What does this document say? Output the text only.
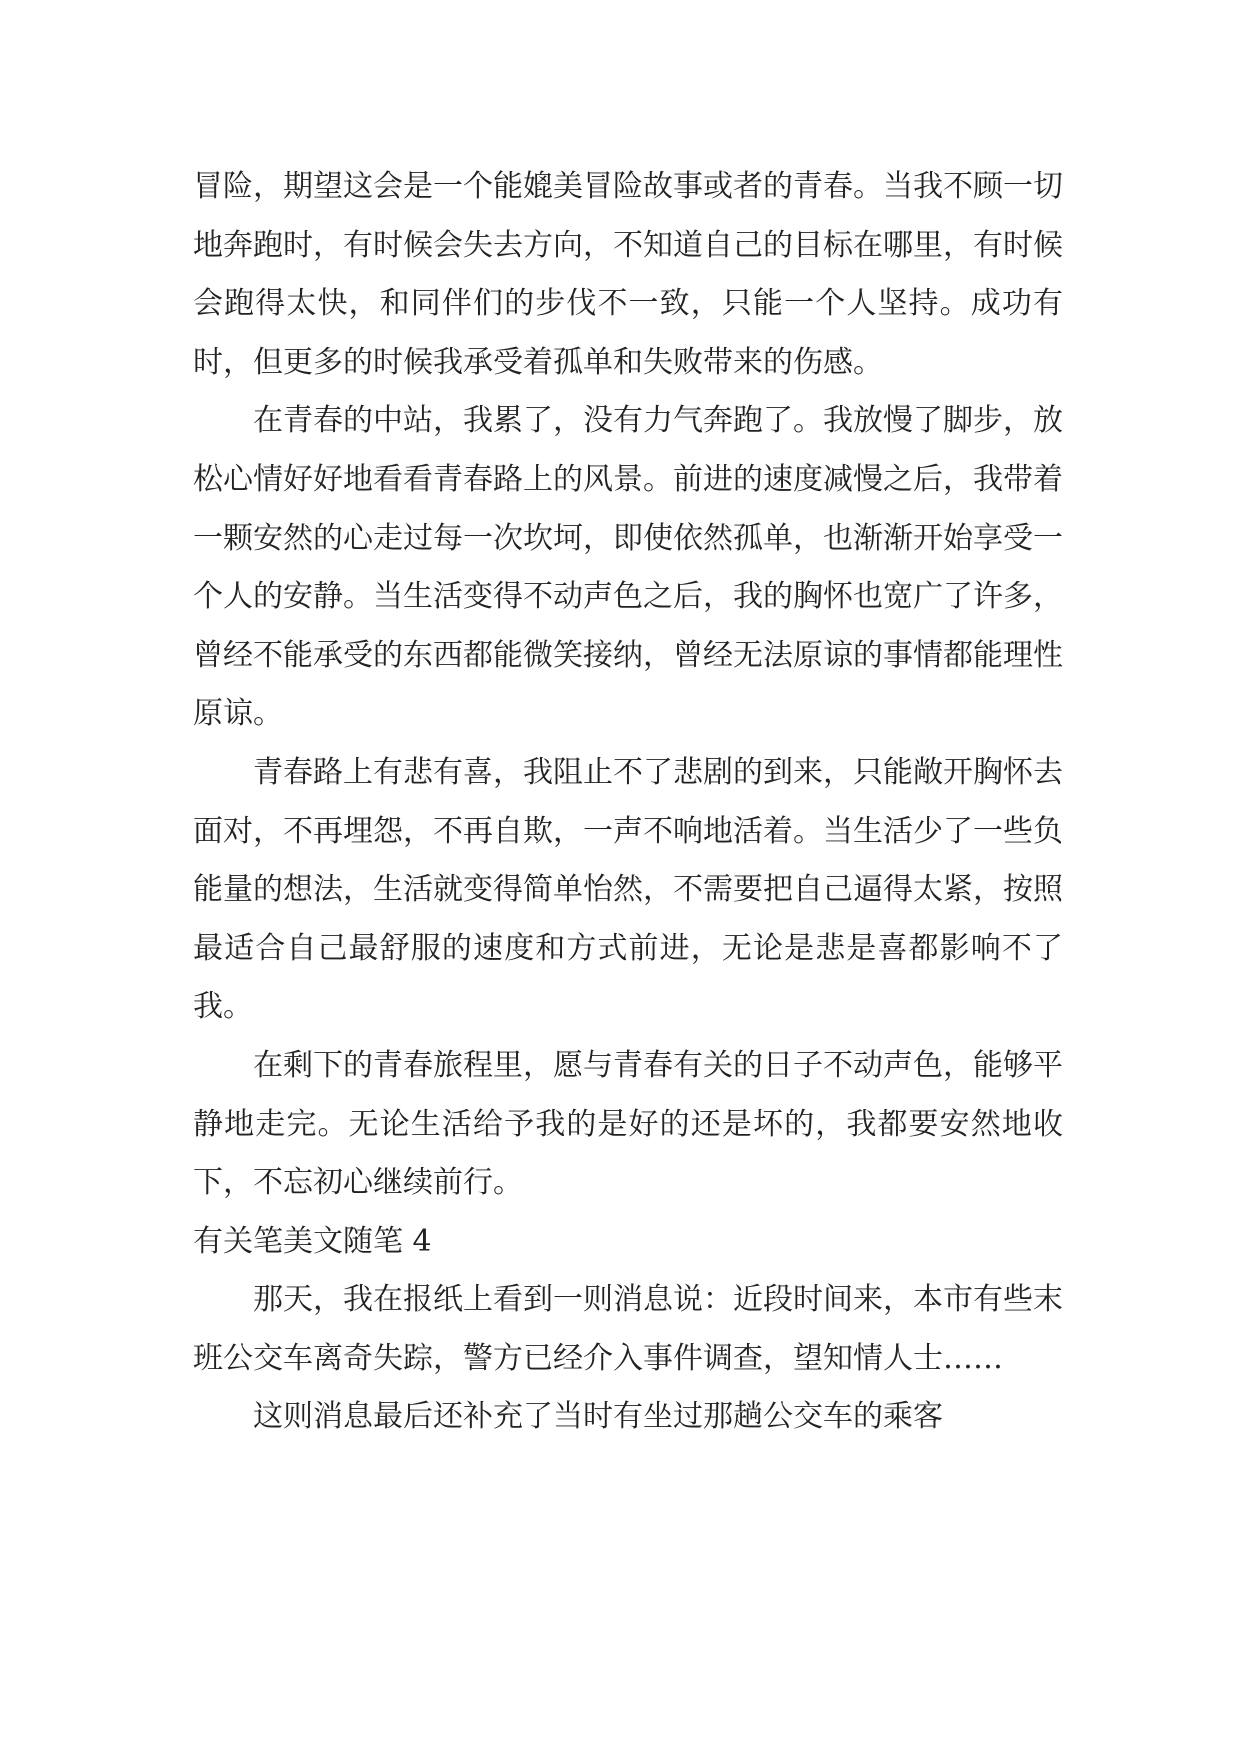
冒险，期望这会是一个能媲美冒险故事或者的青春。当我不顾一切地奔跑时，有时候会失去方向，不知道自己的目标在哪里，有时候会跑得太快，和同伴们的步伐不一致，只能一个人坚持。成功有时，但更多的时候我承受着孤单和失败带来的伤感。

在青春的中站，我累了，没有力气奔跑了。我放慢了脚步，放松心情好好地看看青春路上的风景。前进的速度减慢之后，我带着一颗安然的心走过每一次坎坷，即使依然孤单，也渐渐开始享受一个人的安静。当生活变得不动声色之后，我的胸怀也宽广了许多，曾经不能承受的东西都能微笑接纳，曾经无法原谅的事情都能理性原谅。

青春路上有悲有喜，我阻止不了悲剧的到来，只能敞开胸怀去面对，不再埋怨，不再自欺，一声不响地活着。当生活少了一些负能量的想法，生活就变得简单怡然，不需要把自己逼得太紧，按照最适合自己最舒服的速度和方式前进，无论是悲是喜都影响不了我。

在剩下的青春旅程里，愿与青春有关的日子不动声色，能够平静地走完。无论生活给予我的是好的还是坏的，我都要安然地收下，不忘初心继续前行。

有关笔美文随笔 4

那天，我在报纸上看到一则消息说：近段时间来，本市有些末班公交车离奇失踪，警方已经介入事件调查，望知情人士……

这则消息最后还补充了当时有坐过那趟公交车的乘客
